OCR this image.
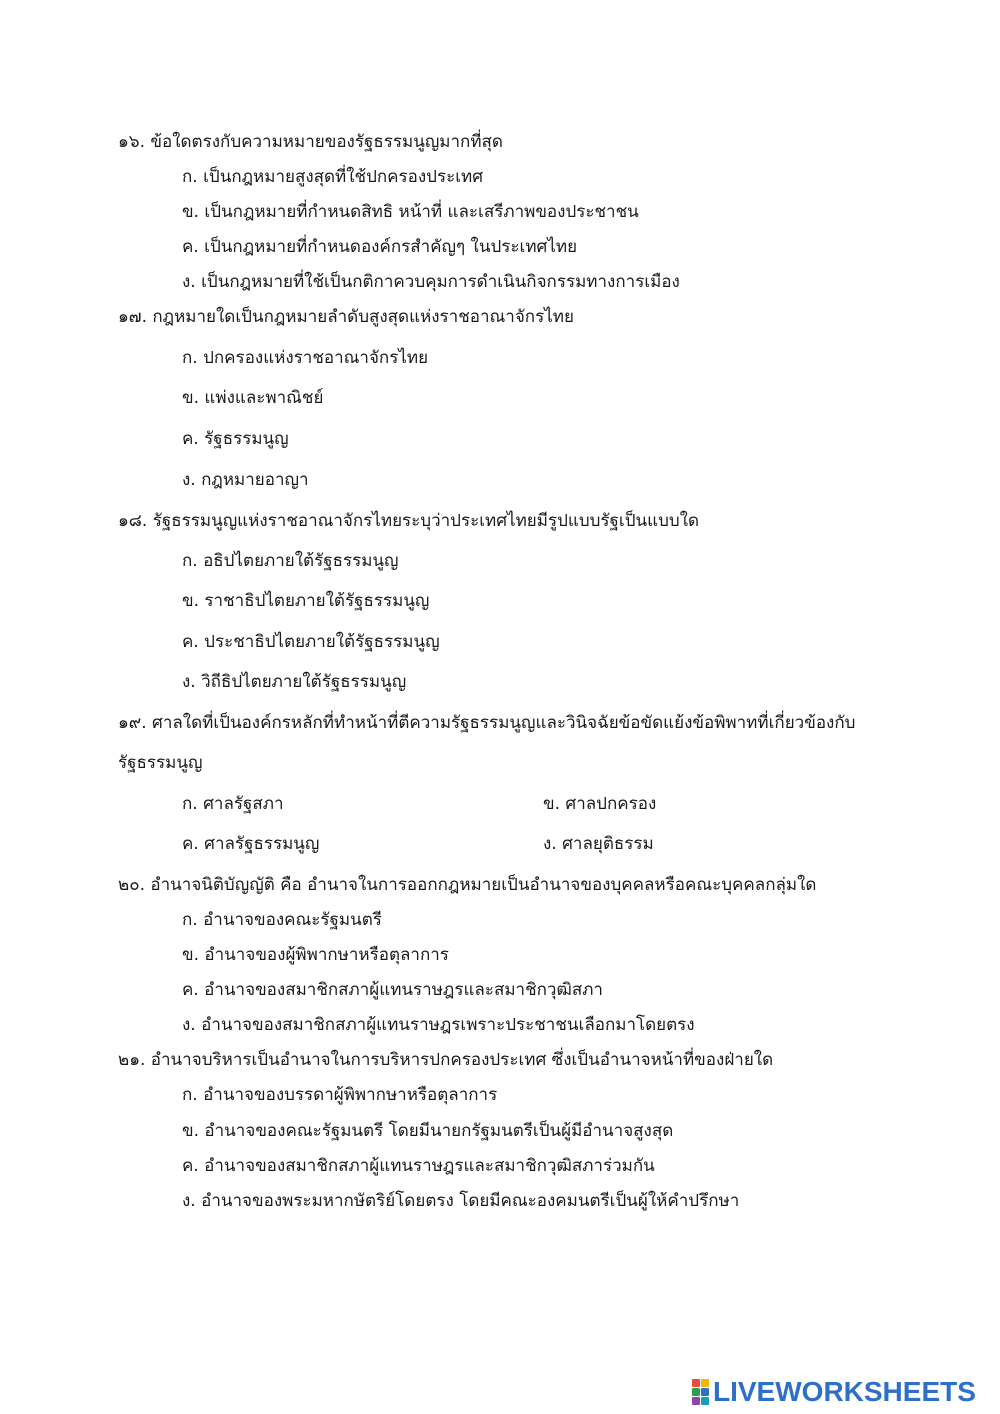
๑๖. ข้อใดตรงกับความหมายของรัฐธรรมนูญมากที่สุด
ก. เป็นกฎหมายสูงสุดที่ใช้ปกครองประเทศ
ข. เป็นกฎหมายที่กำหนดสิทธิ หน้าที่ และเสรีภาพของประชาชน
ค. เป็นกฎหมายที่กำหนดองค์กรสำคัญๆ ในประเทศไทย
ง. เป็นกฎหมายที่ใช้เป็นกติกาควบคุมการดำเนินกิจกรรมทางการเมือง
๑๗. กฎหมายใดเป็นกฎหมายลำดับสูงสุดแห่งราชอาณาจักรไทย
ก. ปกครองแห่งราชอาณาจักรไทย
ข. แพ่งและพาณิชย์
ค. รัฐธรรมนูญ
ง. กฎหมายอาญา
๑๘. รัฐธรรมนูญแห่งราชอาณาจักรไทยระบุว่าประเทศไทยมีรูปแบบรัฐเป็นแบบใด
ก. อธิปไตยภายใต้รัฐธรรมนูญ
ข. ราชาธิปไตยภายใต้รัฐธรรมนูญ
ค. ประชาธิปไตยภายใต้รัฐธรรมนูญ
ง. วิถีธิปไตยภายใต้รัฐธรรมนูญ
๑๙. ศาลใดที่เป็นองค์กรหลักที่ทำหน้าที่ตีความรัฐธรรมนูญและวินิจฉัยข้อขัดแย้งข้อพิพาทที่เกี่ยวข้องกับ
รัฐธรรมนูญ
ก. ศาลรัฐสภา	ข. ศาลปกครอง
ค. ศาลรัฐธรรมนูญ	ง. ศาลยุติธรรม
๒๐. อำนาจนิติบัญญัติ คือ อำนาจในการออกกฎหมายเป็นอำนาจของบุคคลหรือคณะบุคคลกลุ่มใด
ก. อำนาจของคณะรัฐมนตรี
ข. อำนาจของผู้พิพากษาหรือตุลาการ
ค. อำนาจของสมาชิกสภาผู้แทนราษฎรและสมาชิกวุฒิสภา
ง. อำนาจของสมาชิกสภาผู้แทนราษฎรเพราะประชาชนเลือกมาโดยตรง
๒๑. อำนาจบริหารเป็นอำนาจในการบริหารปกครองประเทศ ซึ่งเป็นอำนาจหน้าที่ของฝ่ายใด
ก. อำนาจของบรรดาผู้พิพากษาหรือตุลาการ
ข. อำนาจของคณะรัฐมนตรี โดยมีนายกรัฐมนตรีเป็นผู้มีอำนาจสูงสุด
ค. อำนาจของสมาชิกสภาผู้แทนราษฎรและสมาชิกวุฒิสภาร่วมกัน
ง. อำนาจของพระมหากษัตริย์โดยตรง โดยมีคณะองคมนตรีเป็นผู้ให้คำปรึกษา
LIVEWORKSHEETS
